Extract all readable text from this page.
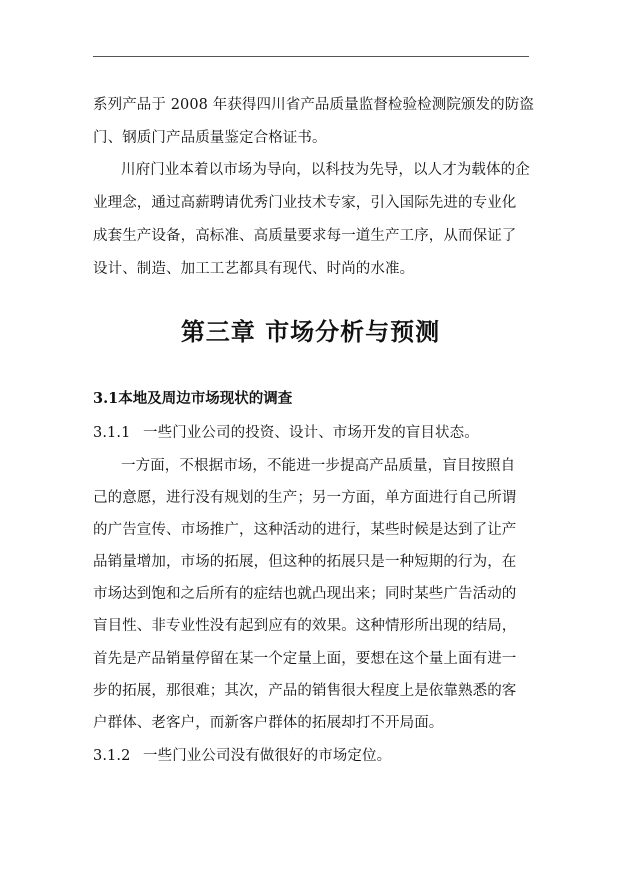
系列产品于 2008 年获得四川省产品质量监督检验检测院颁发的防盗
门、钢质门产品质量鉴定合格证书。
川府门业本着以市场为导向，以科技为先导，以人才为载体的企
业理念，通过高薪聘请优秀门业技术专家，引入国际先进的专业化
成套生产设备，高标准、高质量要求每一道生产工序，从而保证了
设计、制造、加工工艺都具有现代、时尚的水准。
第三章 市场分析与预测
3.1本地及周边市场现状的调查
3.1.1 一些门业公司的投资、设计、市场开发的盲目状态。
一方面，不根据市场，不能进一步提高产品质量，盲目按照自
己的意愿，进行没有规划的生产；另一方面，单方面进行自己所谓
的广告宣传、市场推广，这种活动的进行，某些时候是达到了让产
品销量增加，市场的拓展，但这种的拓展只是一种短期的行为，在
市场达到饱和之后所有的症结也就凸现出来；同时某些广告活动的
盲目性、非专业性没有起到应有的效果。这种情形所出现的结局，
首先是产品销量停留在某一个定量上面，要想在这个量上面有进一
步的拓展，那很难；其次，产品的销售很大程度上是依靠熟悉的客
户群体、老客户，而新客户群体的拓展却打不开局面。
3.1.2 一些门业公司没有做很好的市场定位。
